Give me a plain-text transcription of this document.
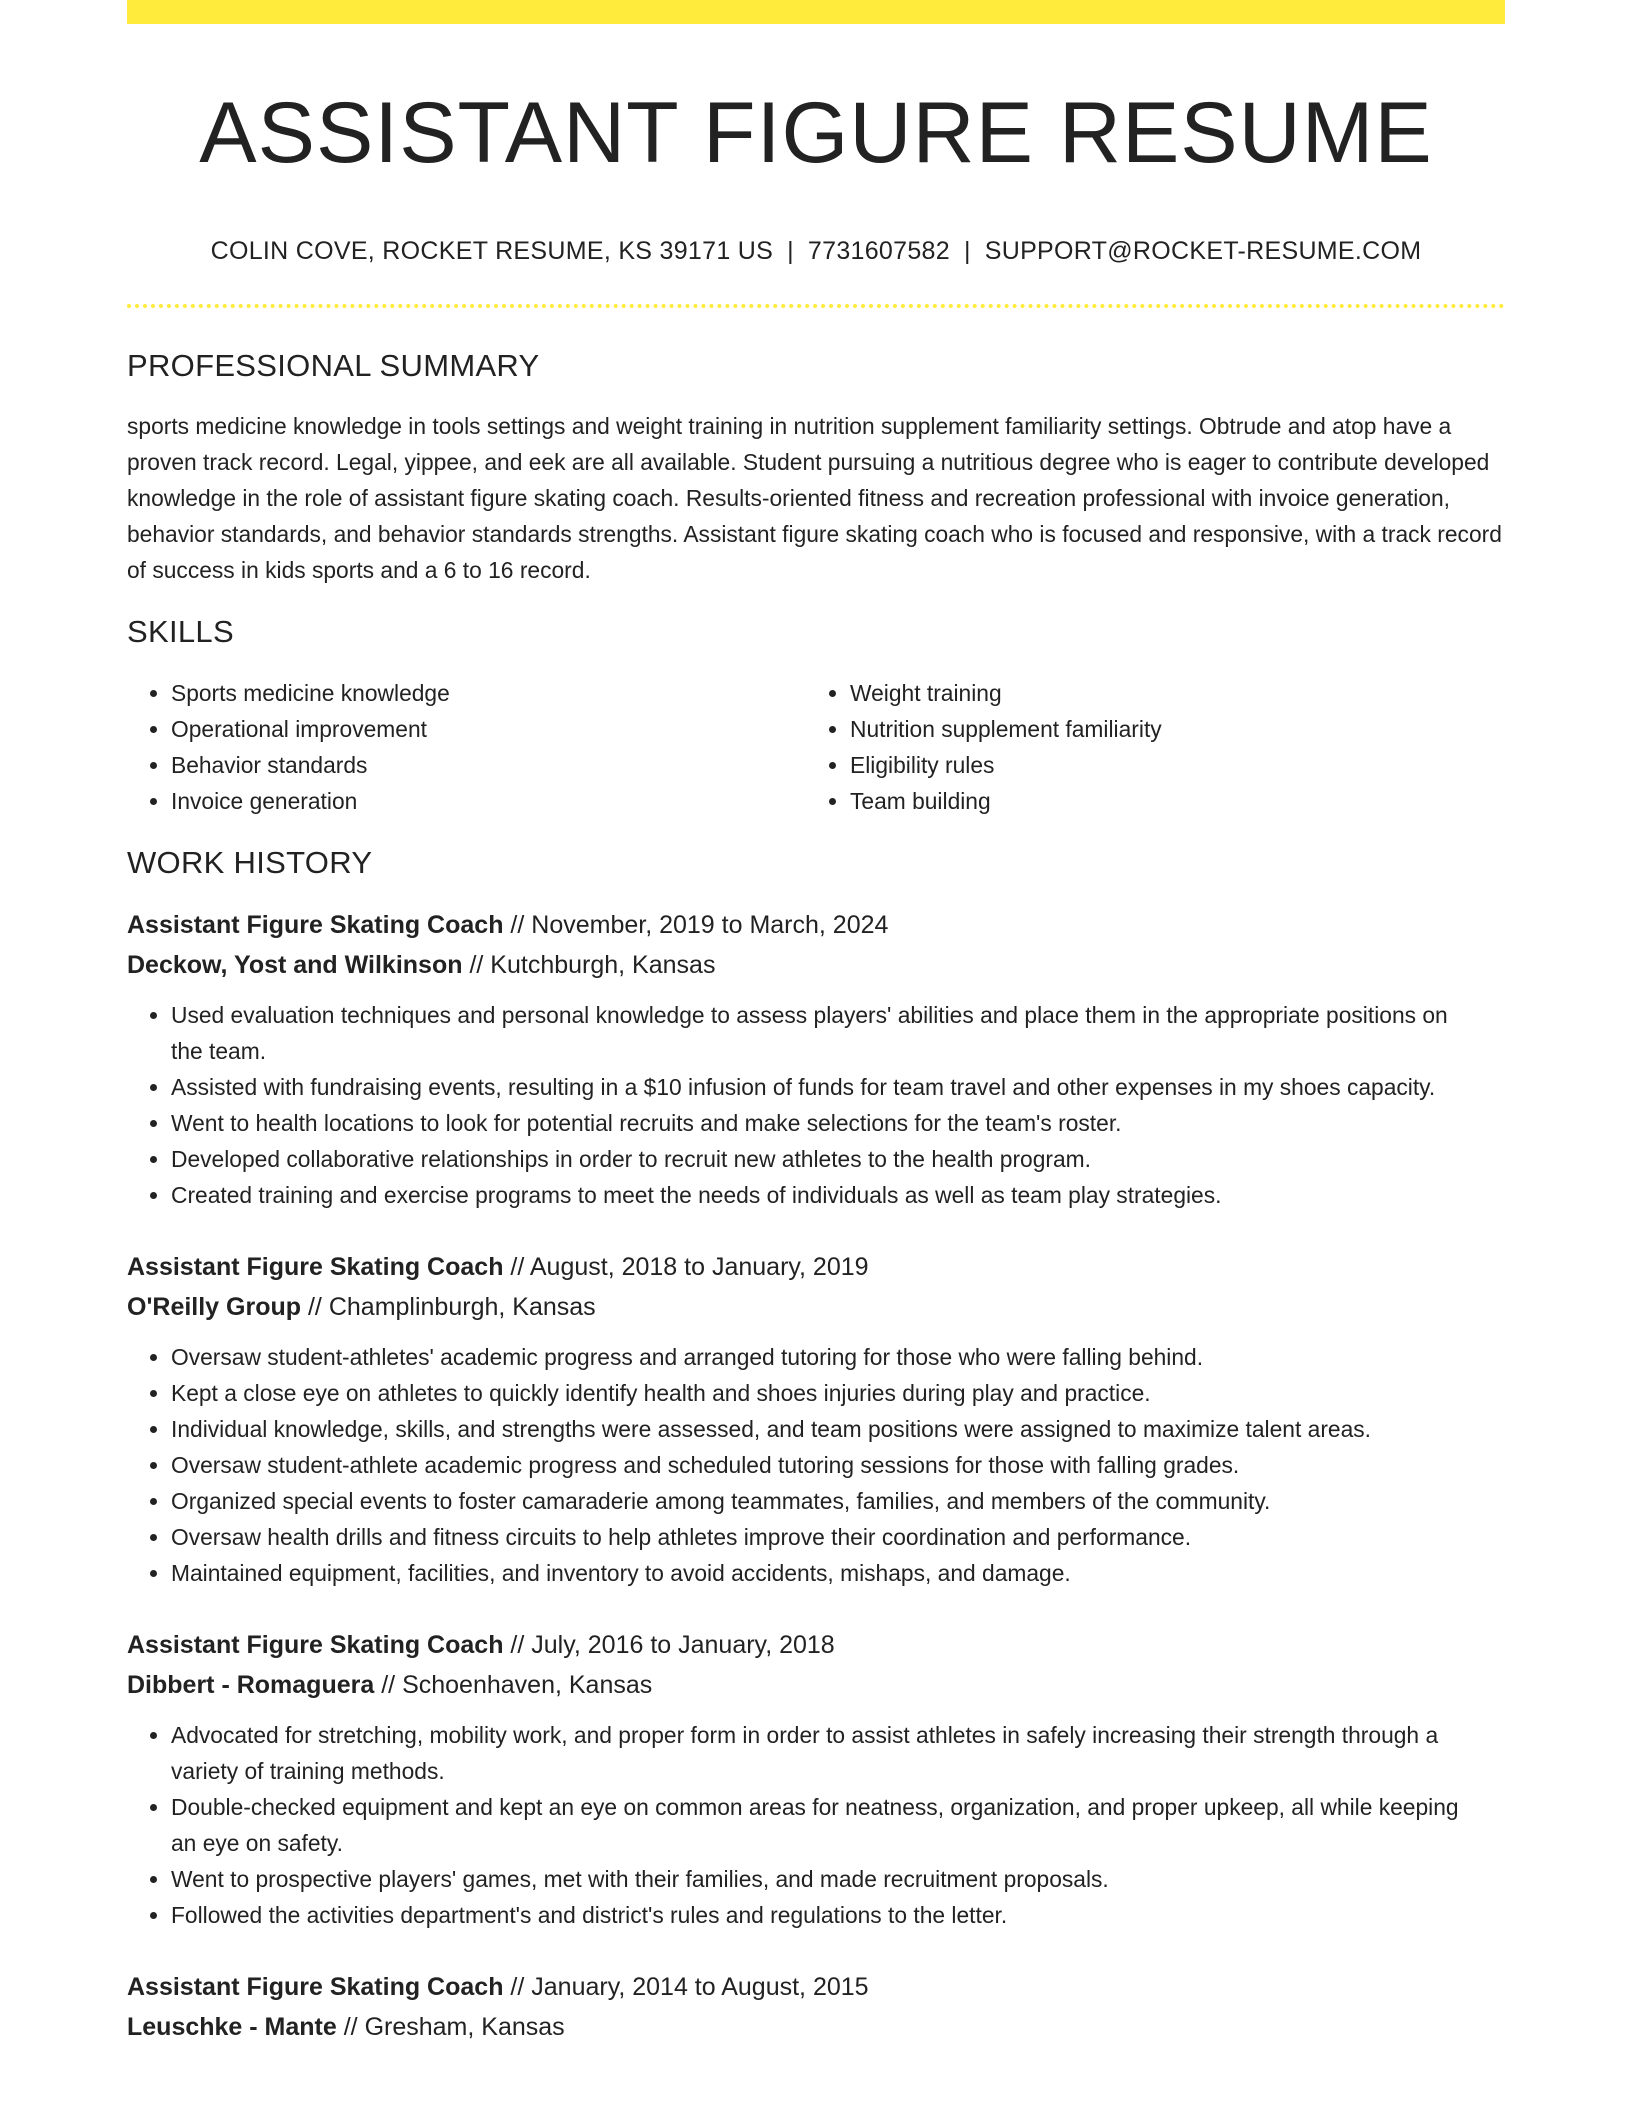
ASSISTANT FIGURE RESUME
COLIN COVE, ROCKET RESUME, KS 39171 US | 7731607582 | SUPPORT@ROCKET-RESUME.COM
PROFESSIONAL SUMMARY

sports medicine knowledge in tools settings and weight training in nutrition supplement familiarity settings. Obtrude and atop have a proven track record. Legal, yippee, and eek are all available. Student pursuing a nutritious degree who is eager to contribute developed knowledge in the role of assistant figure skating coach. Results-oriented fitness and recreation professional with invoice generation, behavior standards, and behavior standards strengths. Assistant figure skating coach who is focused and responsive, with a track record of success in kids sports and a 6 to 16 record.

SKILLS
• Sports medicine knowledge
• Operational improvement
• Behavior standards
• Invoice generation
• Weight training
• Nutrition supplement familiarity
• Eligibility rules
• Team building
WORK HISTORY
Assistant Figure Skating Coach // November, 2019 to March, 2024
Deckow, Yost and Wilkinson // Kutchburgh, Kansas
• Used evaluation techniques and personal knowledge to assess players' abilities and place them in the appropriate positions on the team.
• Assisted with fundraising events, resulting in a $10 infusion of funds for team travel and other expenses in my shoes capacity.
• Went to health locations to look for potential recruits and make selections for the team's roster.
• Developed collaborative relationships in order to recruit new athletes to the health program.
• Created training and exercise programs to meet the needs of individuals as well as team play strategies.
Assistant Figure Skating Coach // August, 2018 to January, 2019
O'Reilly Group // Champlinburgh, Kansas
• Oversaw student-athletes' academic progress and arranged tutoring for those who were falling behind.
• Kept a close eye on athletes to quickly identify health and shoes injuries during play and practice.
• Individual knowledge, skills, and strengths were assessed, and team positions were assigned to maximize talent areas.
• Oversaw student-athlete academic progress and scheduled tutoring sessions for those with falling grades.
• Organized special events to foster camaraderie among teammates, families, and members of the community.
• Oversaw health drills and fitness circuits to help athletes improve their coordination and performance.
• Maintained equipment, facilities, and inventory to avoid accidents, mishaps, and damage.
Assistant Figure Skating Coach // July, 2016 to January, 2018
Dibbert - Romaguera // Schoenhaven, Kansas
• Advocated for stretching, mobility work, and proper form in order to assist athletes in safely increasing their strength through a variety of training methods.
• Double-checked equipment and kept an eye on common areas for neatness, organization, and proper upkeep, all while keeping an eye on safety.
• Went to prospective players' games, met with their families, and made recruitment proposals.
• Followed the activities department's and district's rules and regulations to the letter.
Assistant Figure Skating Coach // January, 2014 to August, 2015
Leuschke - Mante // Gresham, Kansas
